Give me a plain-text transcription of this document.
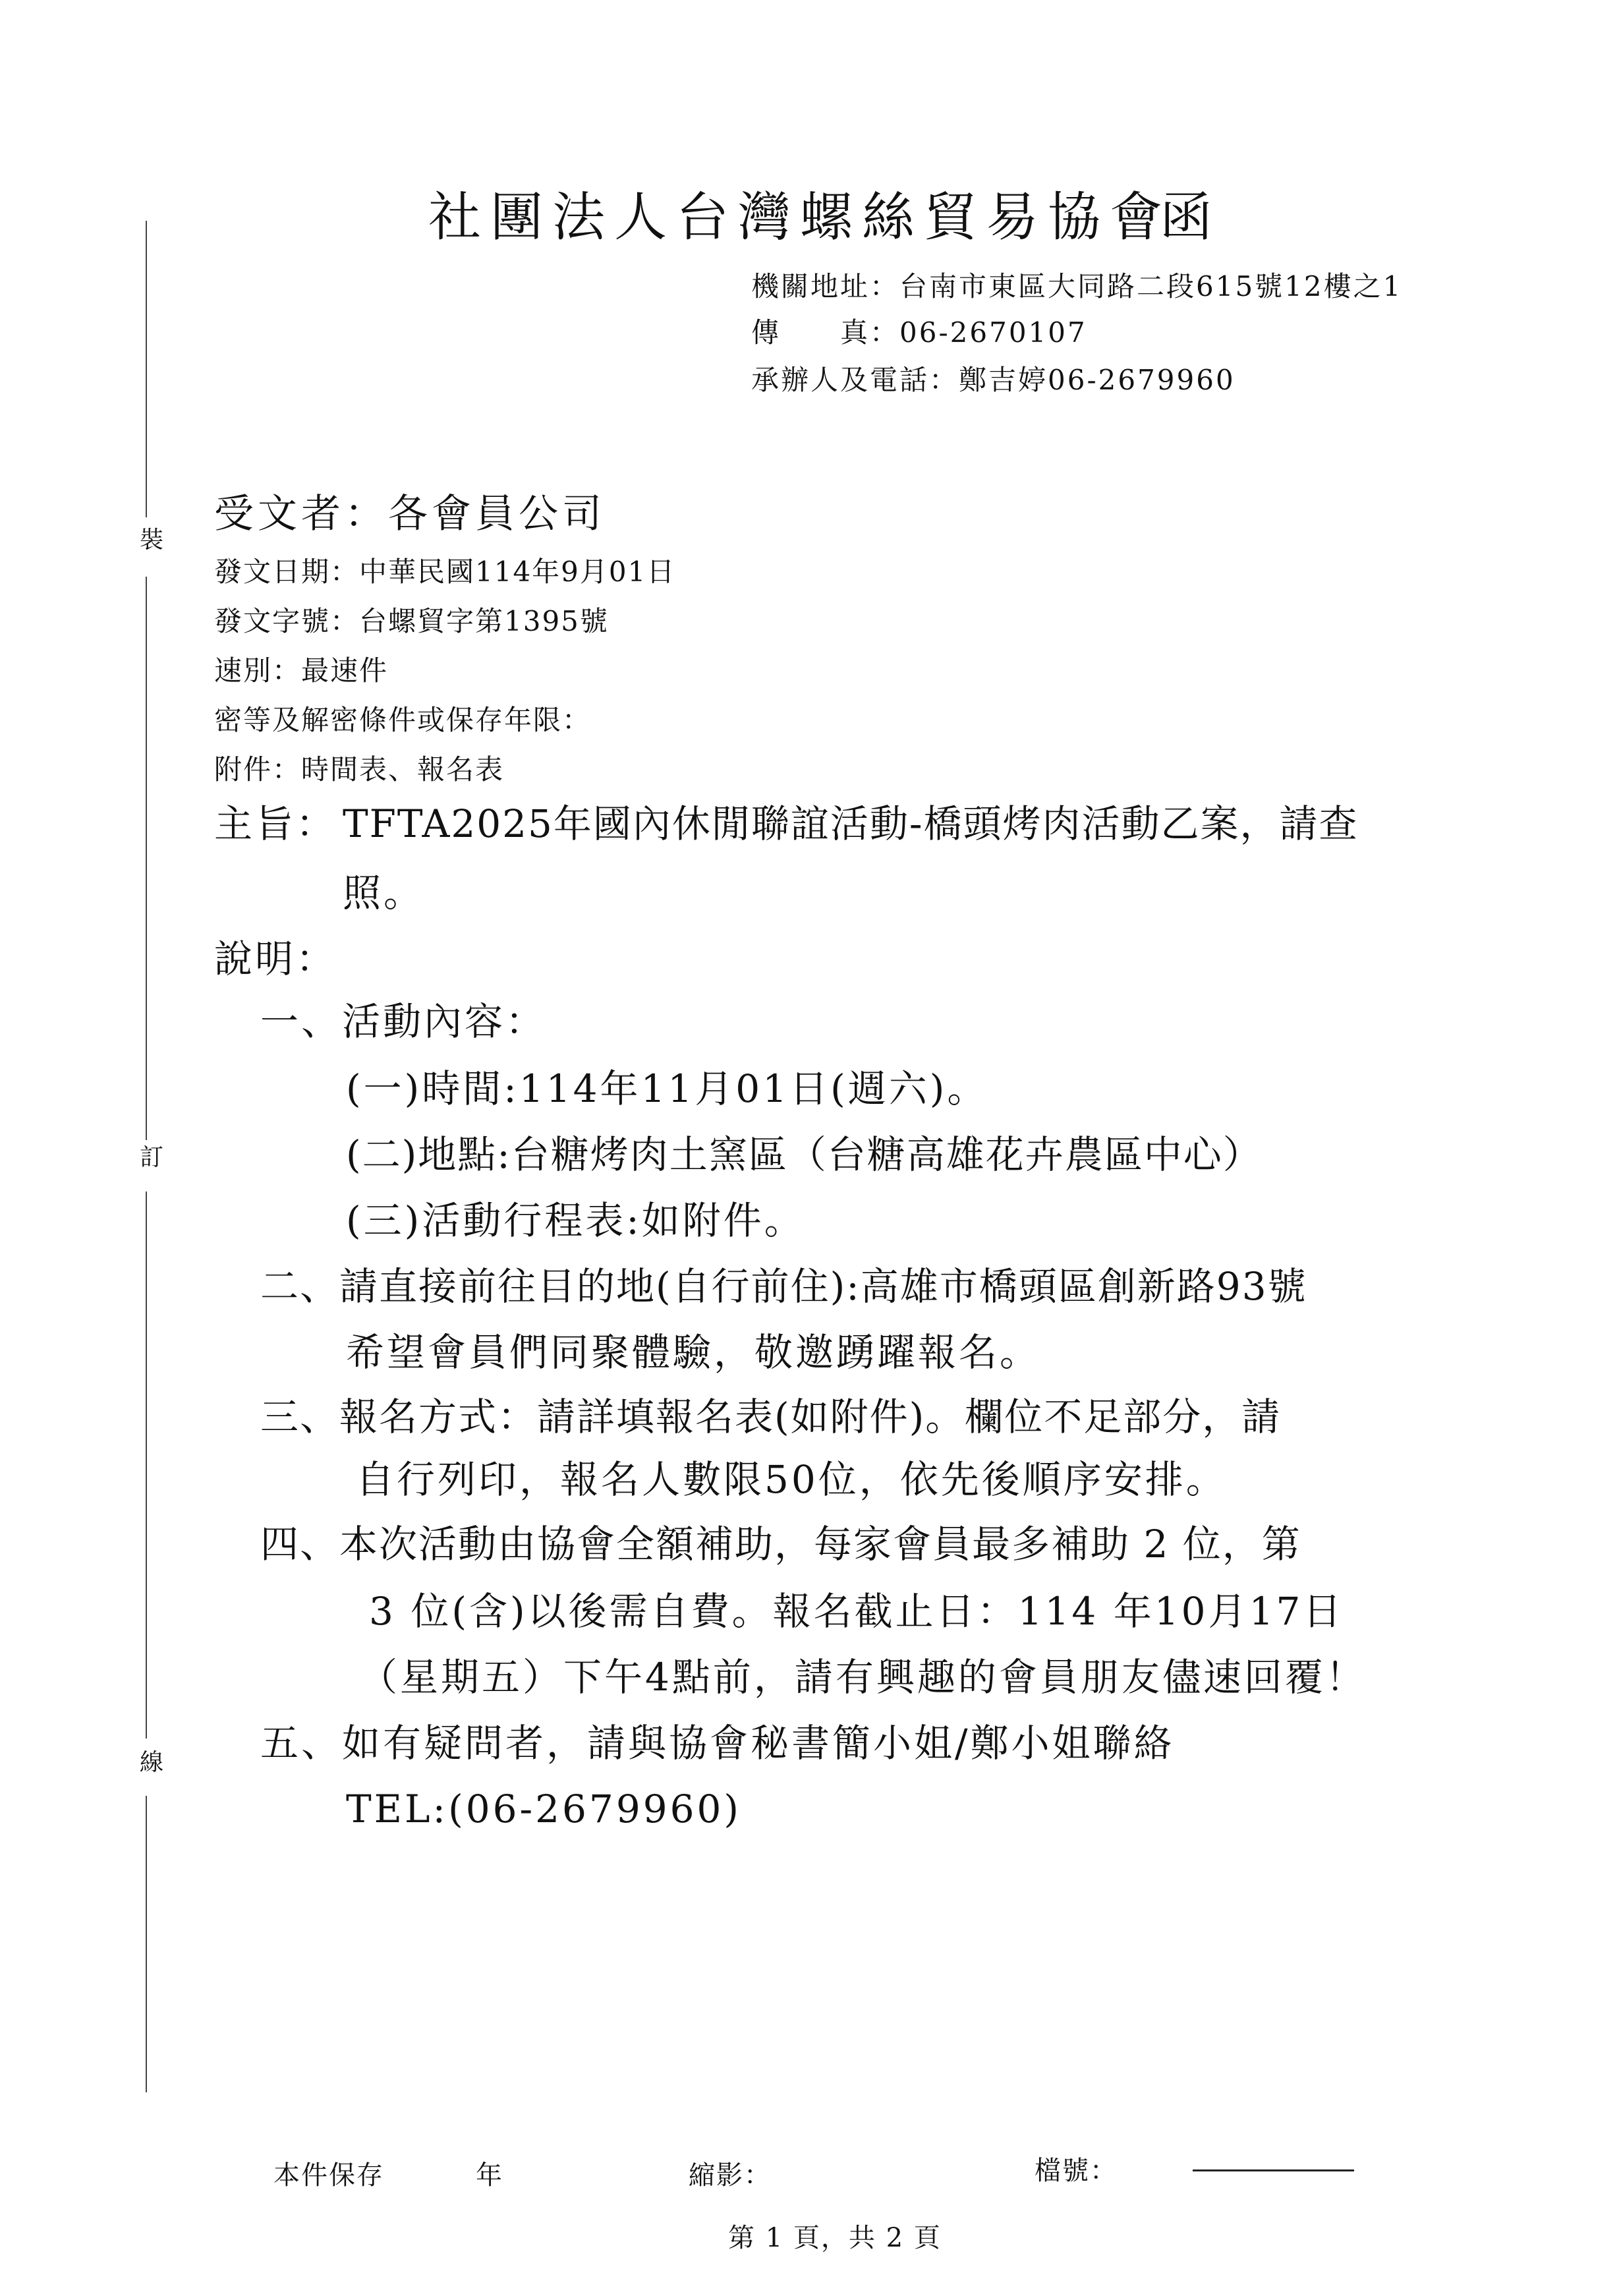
裝
訂
線
社團法人台灣螺絲貿易協會
函
機關地址：台南市東區大同路二段615號12樓之1
傳　　真：06-2670107
承辦人及電話：鄭吉婷06-2679960
受文者：各會員公司
發文日期：中華民國114年9月01日
發文字號：台螺貿字第1395號
速別：最速件
密等及解密條件或保存年限：
附件：時間表、報名表
主旨： TFTA2025年國內休閒聯誼活動-橋頭烤肉活動乙案，請查
照。
說明：
一、活動內容：
(一)時間:114年11月01日(週六)。
(二)地點:台糖烤肉土窯區（台糖高雄花卉農區中心）
(三)活動行程表:如附件。
二、請直接前往目的地(自行前住):高雄市橋頭區創新路93號
希望會員們同聚體驗，敬邀踴躍報名。
三、報名方式：請詳填報名表(如附件)。欄位不足部分，請
自行列印，報名人數限50位，依先後順序安排。
四、本次活動由協會全額補助，每家會員最多補助 2 位，第
3 位(含)以後需自費。報名截止日：114 年10月17日
（星期五）下午4點前，請有興趣的會員朋友儘速回覆！
五、如有疑問者，請與協會秘書簡小姐/鄭小姐聯絡
TEL:(06-2679960)
本件保存	年	縮影：	檔號：
第 1 頁，共 2 頁
